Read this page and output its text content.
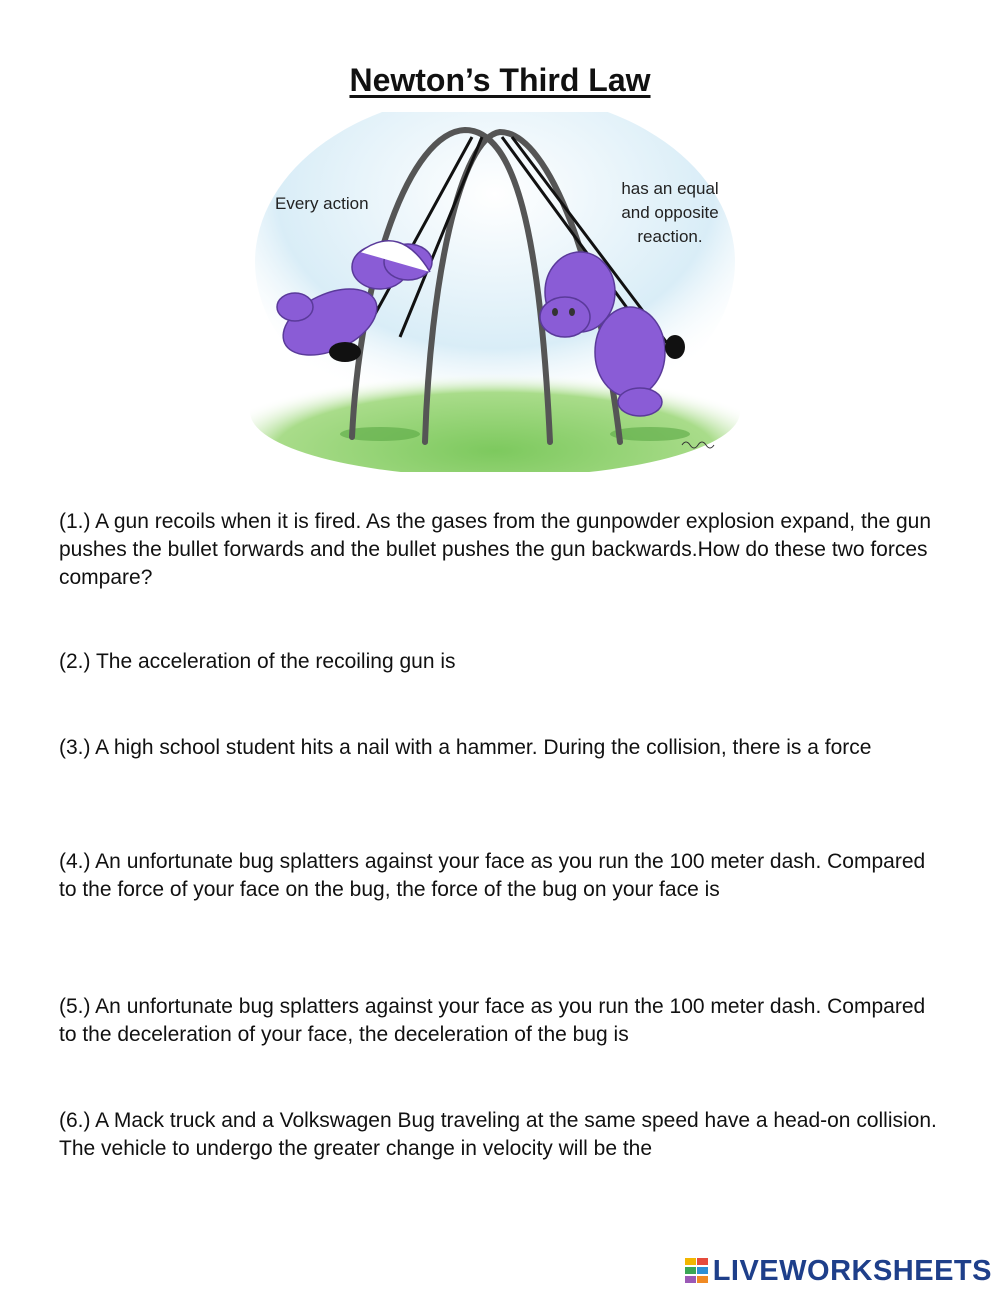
Newton’s Third Law
Every action
has an equal
and opposite
reaction.

(1.) A gun recoils when it is fired. As the gases from the gunpowder explosion expand, the gun pushes the bullet forwards and the bullet pushes the gun backwards.How do these two forces compare?

(2.) The acceleration of the recoiling gun is

(3.) A high school student hits a nail with a hammer. During the collision, there is a force

(4.) An unfortunate bug splatters against your face as you run the 100 meter dash. Compared to the force of your face on the bug, the force of the bug on your face is

(5.) An unfortunate bug splatters against your face as you run the 100 meter dash. Compared to the deceleration of your face, the deceleration of the bug is

(6.) A Mack truck and a Volkswagen Bug traveling at the same speed have a head-on collision. The vehicle to undergo the greater change in velocity will be the

LIVEWORKSHEETS
